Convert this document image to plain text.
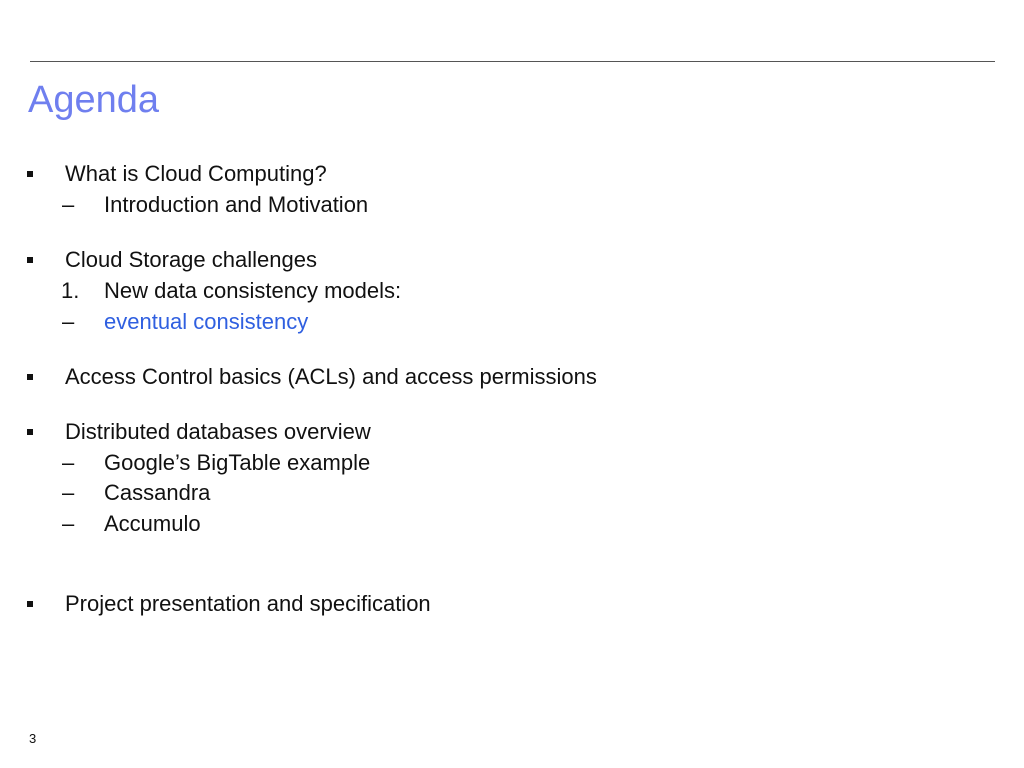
Agenda
What is Cloud Computing?
– Introduction and Motivation
Cloud Storage challenges
1. New data consistency models:
– eventual consistency
Access Control basics (ACLs) and access permissions
Distributed databases overview
– Google’s BigTable example
– Cassandra
– Accumulo
Project presentation and specification
3
